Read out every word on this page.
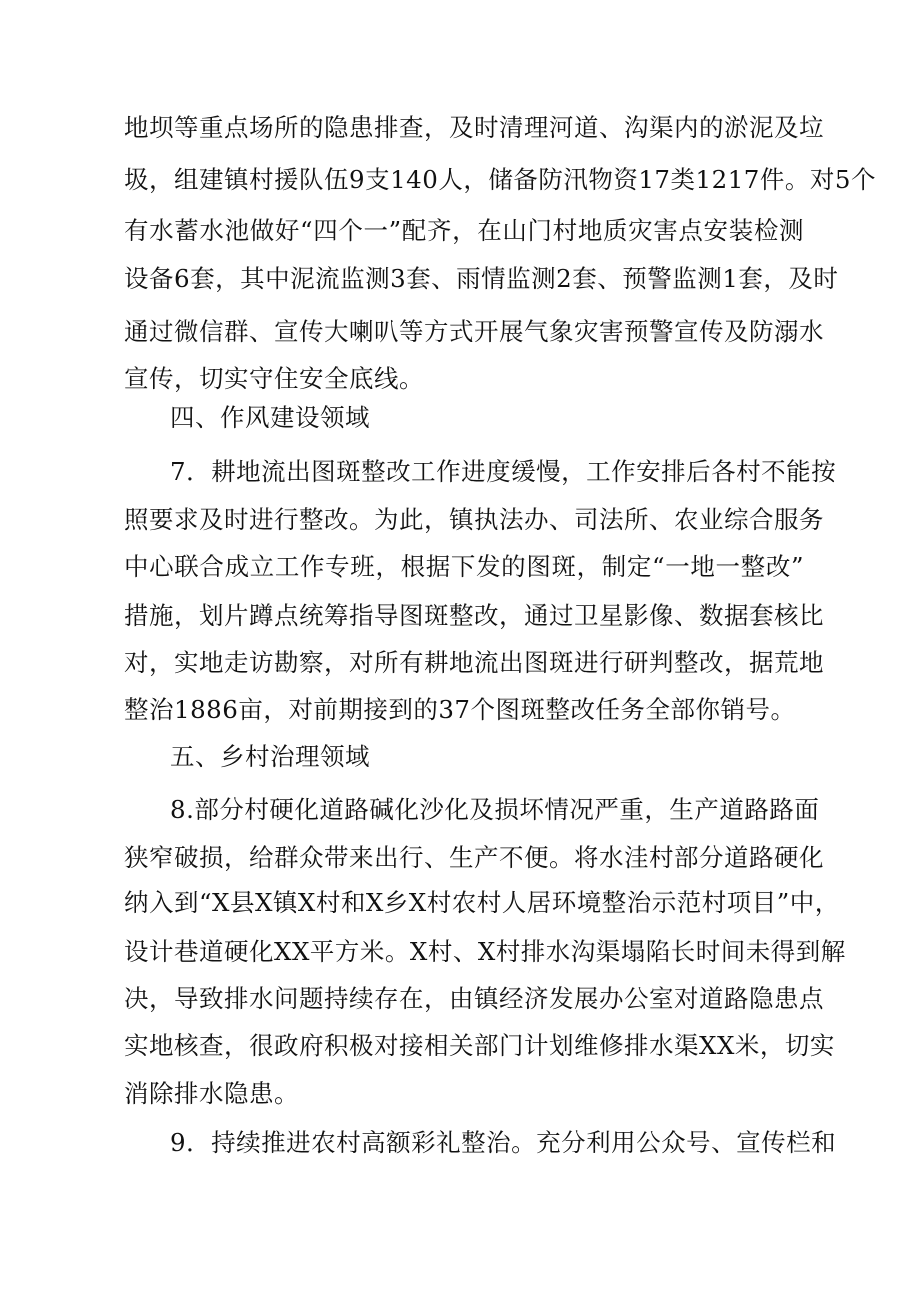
地坝等重点场所的隐患排查，及时清理河道、沟渠内的淤泥及垃
圾，组建镇村援队伍9支140人，储备防汛物资17类1217件。对5个
有水蓄水池做好“四个一”配齐，在山门村地质灾害点安装检测
设备6套，其中泥流监测3套、雨情监测2套、预警监测1套，及时
通过微信群、宣传大喇叭等方式开展气象灾害预警宣传及防溺水
宣传，切实守住安全底线。
四、作风建设领域
7．耕地流出图斑整改工作进度缓慢，工作安排后各村不能按
照要求及时进行整改。为此，镇执法办、司法所、农业综合服务
中心联合成立工作专班，根据下发的图斑，制定“一地一整改”
措施，划片蹲点统筹指导图斑整改，通过卫星影像、数据套核比
对，实地走访勘察，对所有耕地流出图斑进行研判整改，据荒地
整治1886亩，对前期接到的37个图斑整改任务全部你销号。
五、乡村治理领域
8.部分村硬化道路碱化沙化及损坏情况严重，生产道路路面
狭窄破损，给群众带来出行、生产不便。将水洼村部分道路硬化
纳入到“X县X镇X村和X乡X村农村人居环境整治示范村项目”中，
设计巷道硬化XX平方米。X村、X村排水沟渠塌陷长时间未得到解
决，导致排水问题持续存在，由镇经济发展办公室对道路隐患点
实地核查，很政府积极对接相关部门计划维修排水渠XX米，切实
消除排水隐患。
9．持续推进农村高额彩礼整治。充分利用公众号、宣传栏和
